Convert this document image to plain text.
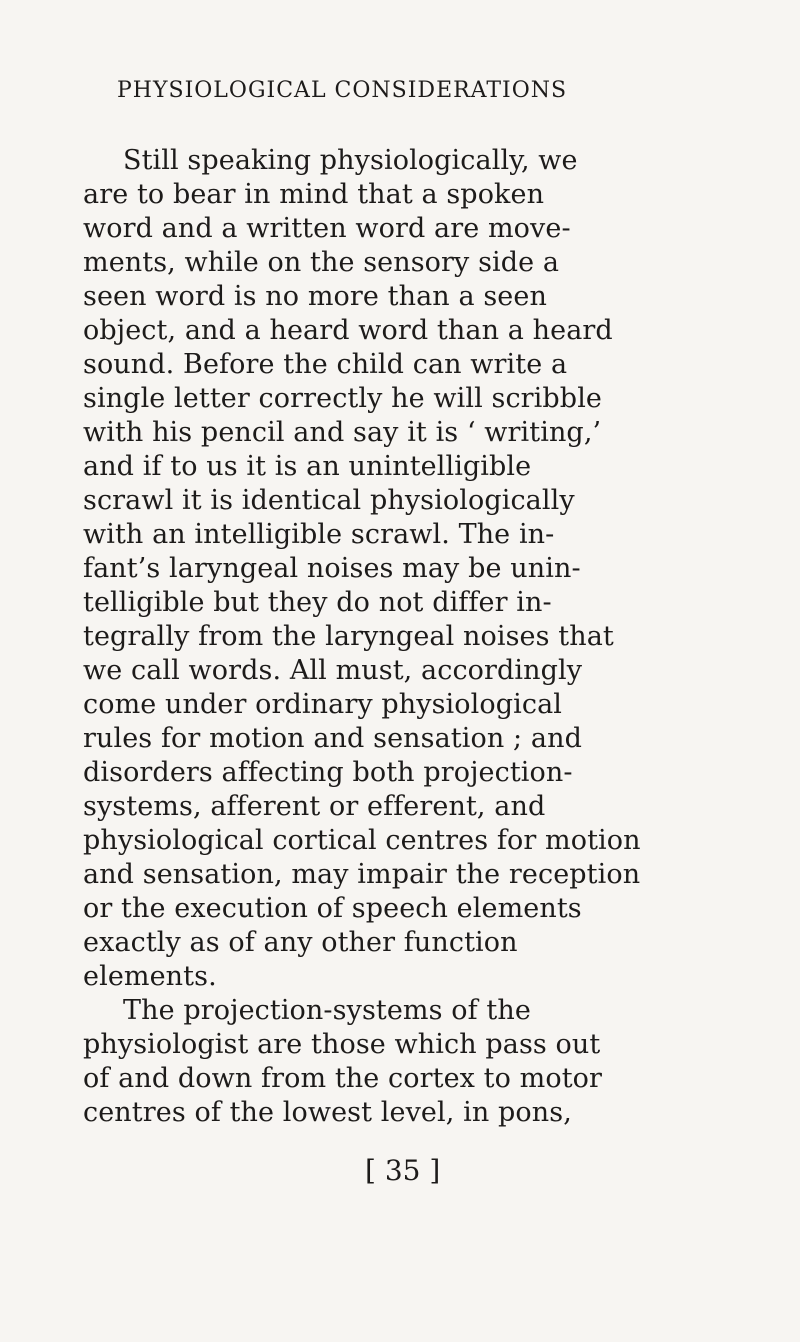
PHYSIOLOGICAL CONSIDERATIONS
Still speaking physiologically, we
are to bear in mind that a spoken
word and a written word are move-
ments, while on the sensory side a
seen word is no more than a seen
object, and a heard word than a heard
sound. Before the child can write a
single letter correctly he will scribble
with his pencil and say it is ‘ writing,’
and if to us it is an unintelligible
scrawl it is identical physiologically
with an intelligible scrawl. The in-
fant’s laryngeal noises may be unin-
telligible but they do not differ in-
tegrally from the laryngeal noises that
we call words. All must, accordingly
come under ordinary physiological
rules for motion and sensation ; and
disorders affecting both projection-
systems, afferent or efferent, and
physiological cortical centres for motion
and sensation, may impair the reception
or the execution of speech elements
exactly as of any other function
elements.
The projection-systems of the
physiologist are those which pass out
of and down from the cortex to motor
centres of the lowest level, in pons,
[ 35 ]
